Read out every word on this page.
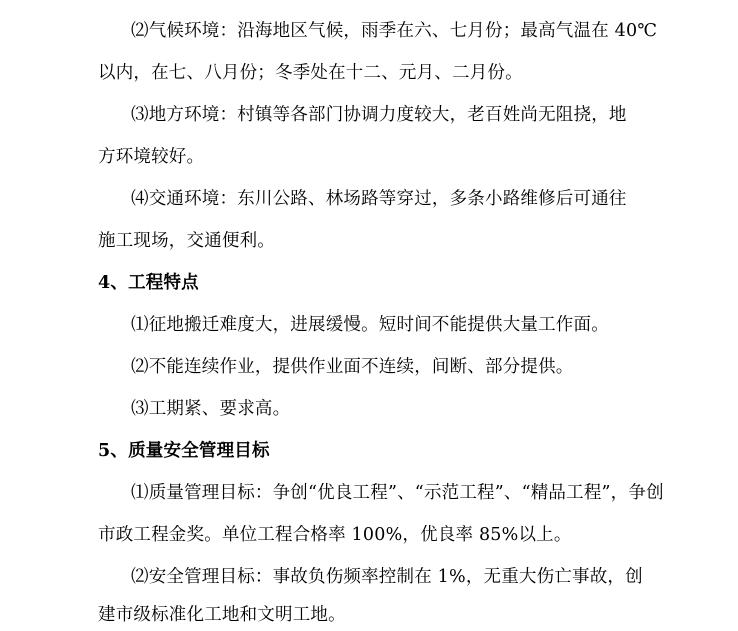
⑵气候环境：沿海地区气候，雨季在六、七月份；最高气温在 40℃
以内，在七、八月份；冬季处在十二、元月、二月份。
⑶地方环境：村镇等各部门协调力度较大，老百姓尚无阻挠，地
方环境较好。
⑷交通环境：东川公路、林场路等穿过，多条小路维修后可通往
施工现场，交通便利。
4、工程特点
⑴征地搬迁难度大，进展缓慢。短时间不能提供大量工作面。
⑵不能连续作业，提供作业面不连续，间断、部分提供。
⑶工期紧、要求高。
5、质量安全管理目标
⑴质量管理目标：争创“优良工程”、“示范工程”、“精品工程”，争创
市政工程金奖。单位工程合格率 100%，优良率 85%以上。
⑵安全管理目标：事故负伤频率控制在 1%，无重大伤亡事故，创
建市级标准化工地和文明工地。
